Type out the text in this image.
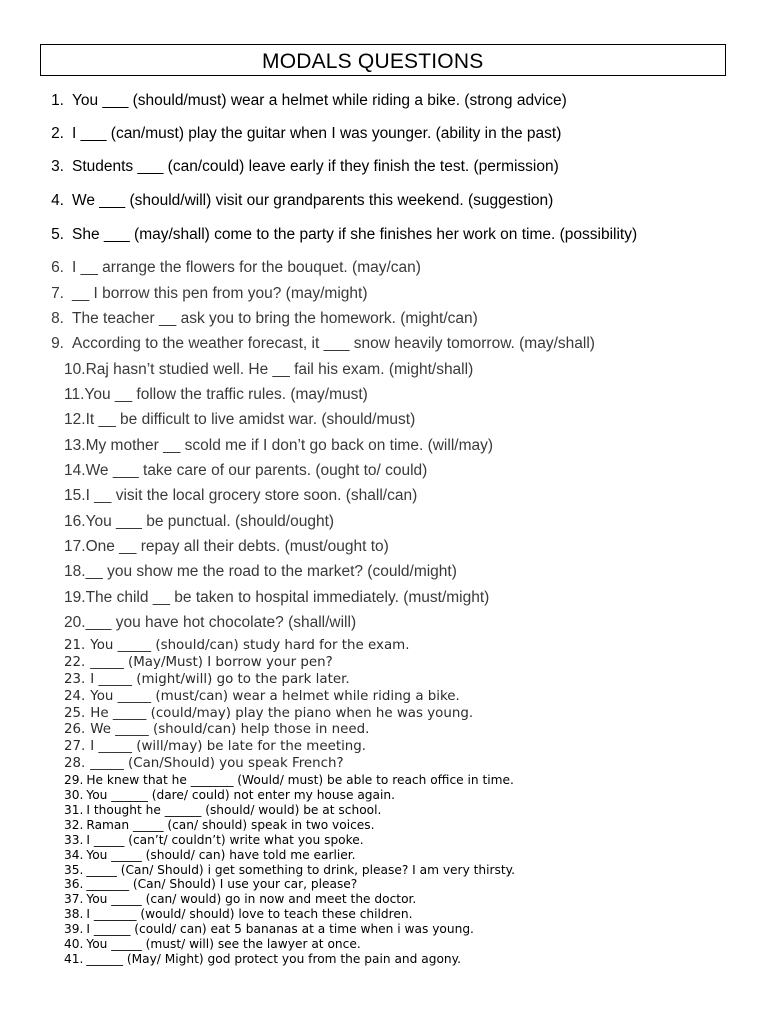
MODALS QUESTIONS
1. You ___ (should/must) wear a helmet while riding a bike. (strong advice)
2. I ___ (can/must) play the guitar when I was younger. (ability in the past)
3. Students ___ (can/could) leave early if they finish the test. (permission)
4. We ___ (should/will) visit our grandparents this weekend. (suggestion)
5. She ___ (may/shall) come to the party if she finishes her work on time. (possibility)
6. I __ arrange the flowers for the bouquet. (may/can)
7. __ I borrow this pen from you? (may/might)
8. The teacher __ ask you to bring the homework. (might/can)
9. According to the weather forecast, it ___ snow heavily tomorrow. (may/shall)
10.Raj hasn’t studied well. He __ fail his exam. (might/shall)
11.You __ follow the traffic rules. (may/must)
12.It __ be difficult to live amidst war. (should/must)
13.My mother __ scold me if I don’t go back on time. (will/may)
14.We ___ take care of our parents. (ought to/ could)
15.I __ visit the local grocery store soon. (shall/can)
16.You ___ be punctual. (should/ought)
17.One __ repay all their debts. (must/ought to)
18.__ you show me the road to the market? (could/might)
19.The child __ be taken to hospital immediately. (must/might)
20.___ you have hot chocolate? (shall/will)
21. You _____ (should/can) study hard for the exam.
22. _____ (May/Must) I borrow your pen?
23. I _____ (might/will) go to the park later.
24. You _____ (must/can) wear a helmet while riding a bike.
25. He _____ (could/may) play the piano when he was young.
26. We _____ (should/can) help those in need.
27. I _____ (will/may) be late for the meeting.
28. _____ (Can/Should) you speak French?
29. He knew that he _______ (Would/ must) be able to reach office in time.
30. You ______ (dare/ could) not enter my house again.
31. I thought he ______ (should/ would) be at school.
32. Raman _____ (can/ should) speak in two voices.
33. I _____ (can’t/ couldn’t) write what you spoke.
34. You _____ (should/ can) have told me earlier.
35. _____ (Can/ Should) i get something to drink, please? I am very thirsty.
36. _______ (Can/ Should) I use your car, please?
37. You _____ (can/ would) go in now and meet the doctor.
38. I _______ (would/ should) love to teach these children.
39. I ______ (could/ can) eat 5 bananas at a time when i was young.
40. You _____ (must/ will) see the lawyer at once.
41. ______ (May/ Might) god protect you from the pain and agony.
